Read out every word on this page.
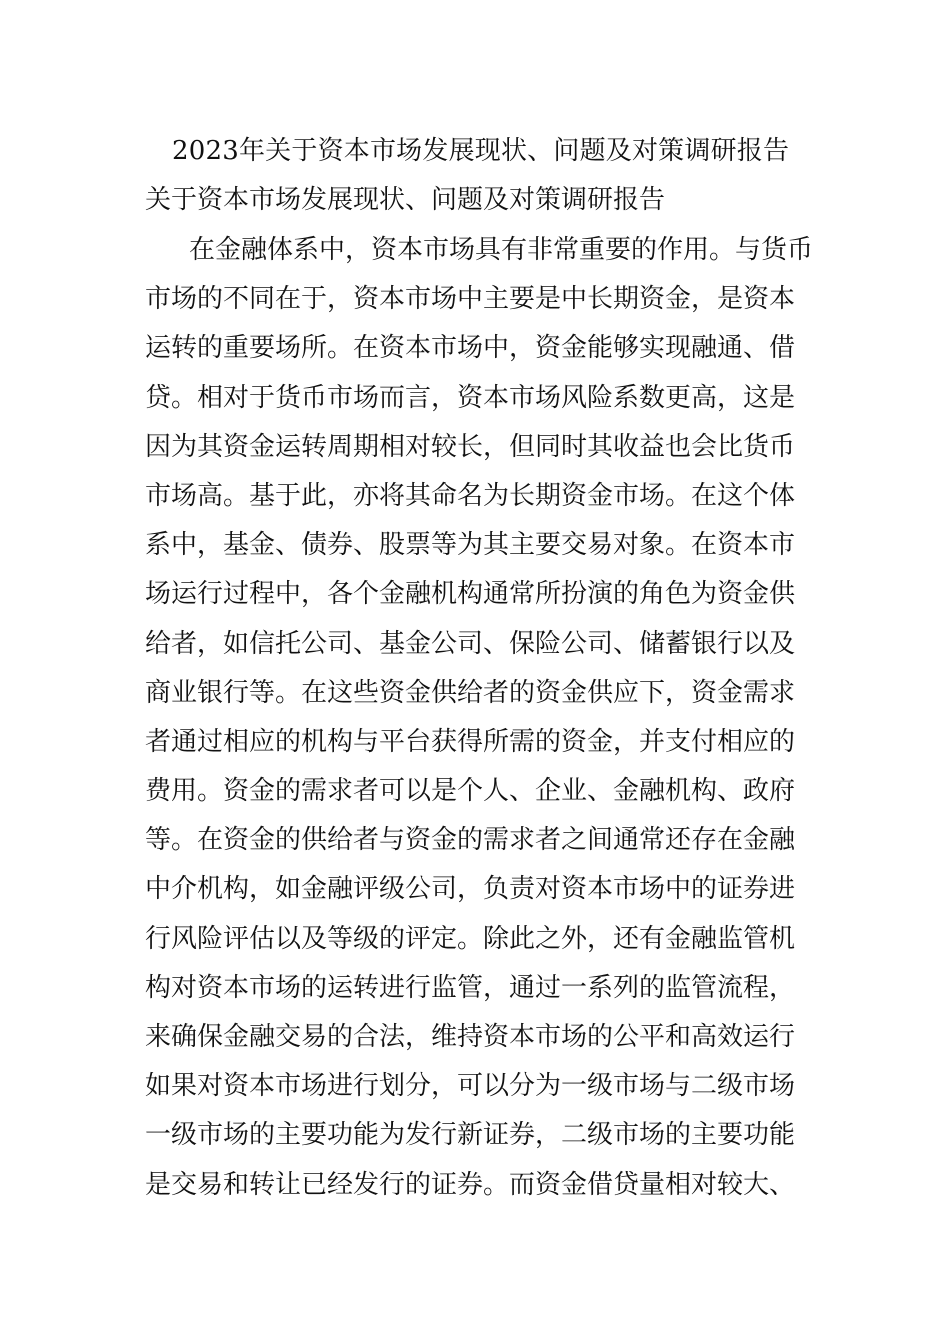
2023年关于资本市场发展现状、问题及对策调研报告
关于资本市场发展现状、问题及对策调研报告
在金融体系中，资本市场具有非常重要的作用。与货币
市场的不同在于，资本市场中主要是中长期资金，是资本
运转的重要场所。在资本市场中，资金能够实现融通、借
贷。相对于货币市场而言，资本市场风险系数更高，这是
因为其资金运转周期相对较长，但同时其收益也会比货币
市场高。基于此，亦将其命名为长期资金市场。在这个体
系中，基金、债券、股票等为其主要交易对象。在资本市
场运行过程中，各个金融机构通常所扮演的角色为资金供
给者，如信托公司、基金公司、保险公司、储蓄银行以及
商业银行等。在这些资金供给者的资金供应下，资金需求
者通过相应的机构与平台获得所需的资金，并支付相应的
费用。资金的需求者可以是个人、企业、金融机构、政府
等。在资金的供给者与资金的需求者之间通常还存在金融
中介机构，如金融评级公司，负责对资本市场中的证券进
行风险评估以及等级的评定。除此之外，还有金融监管机
构对资本市场的运转进行监管，通过一系列的监管流程，
来确保金融交易的合法，维持资本市场的公平和高效运行
如果对资本市场进行划分，可以分为一级市场与二级市场
一级市场的主要功能为发行新证券，二级市场的主要功能
是交易和转让已经发行的证券。而资金借贷量相对较大、
